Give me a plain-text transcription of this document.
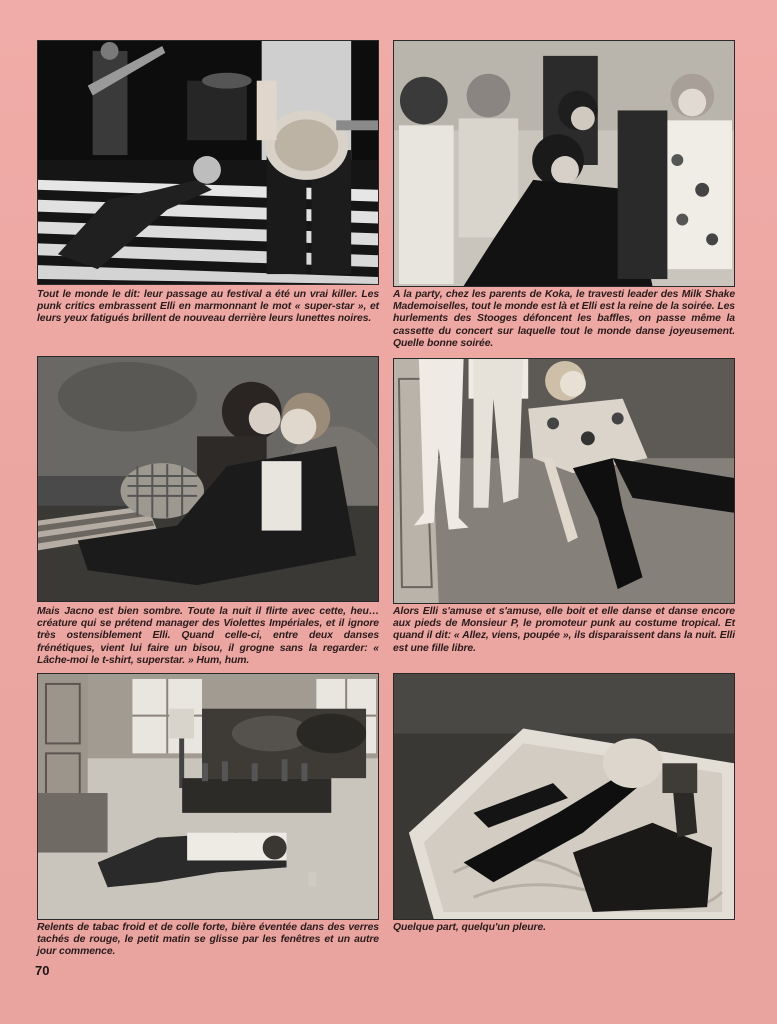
Tout le monde le dit: leur passage au festival a été un vrai killer. Les punk critics embrassent Elli en marmonnant le mot « super-star », et leurs yeux fatigués brillent de nouveau derrière leurs lunettes noires.

A la party, chez les parents de Koka, le travesti leader des Milk Shake Mademoiselles, tout le monde est là et Elli est la reine de la soirée. Les hurlements des Stooges défoncent les baffles, on passe même la cassette du concert sur laquelle tout le monde danse joyeusement. Quelle bonne soirée.

Mais Jacno est bien sombre. Toute la nuit il flirte avec cette, heu… créature qui se prétend manager des Violettes Impériales, et il ignore très ostensiblement Elli. Quand celle-ci, entre deux danses frénétiques, vient lui faire un bisou, il grogne sans la regarder: « Lâche-moi le t-shirt, superstar. » Hum, hum.

Alors Elli s'amuse et s'amuse, elle boit et elle danse et danse encore aux pieds de Monsieur P, le promoteur punk au costume tropical. Et quand il dit: « Allez, viens, poupée », ils disparaissent dans la nuit. Elli est une fille libre.

Relents de tabac froid et de colle forte, bière éventée dans des verres tachés de rouge, le petit matin se glisse par les fenêtres et un autre jour commence.

Quelque part, quelqu'un pleure.

70
